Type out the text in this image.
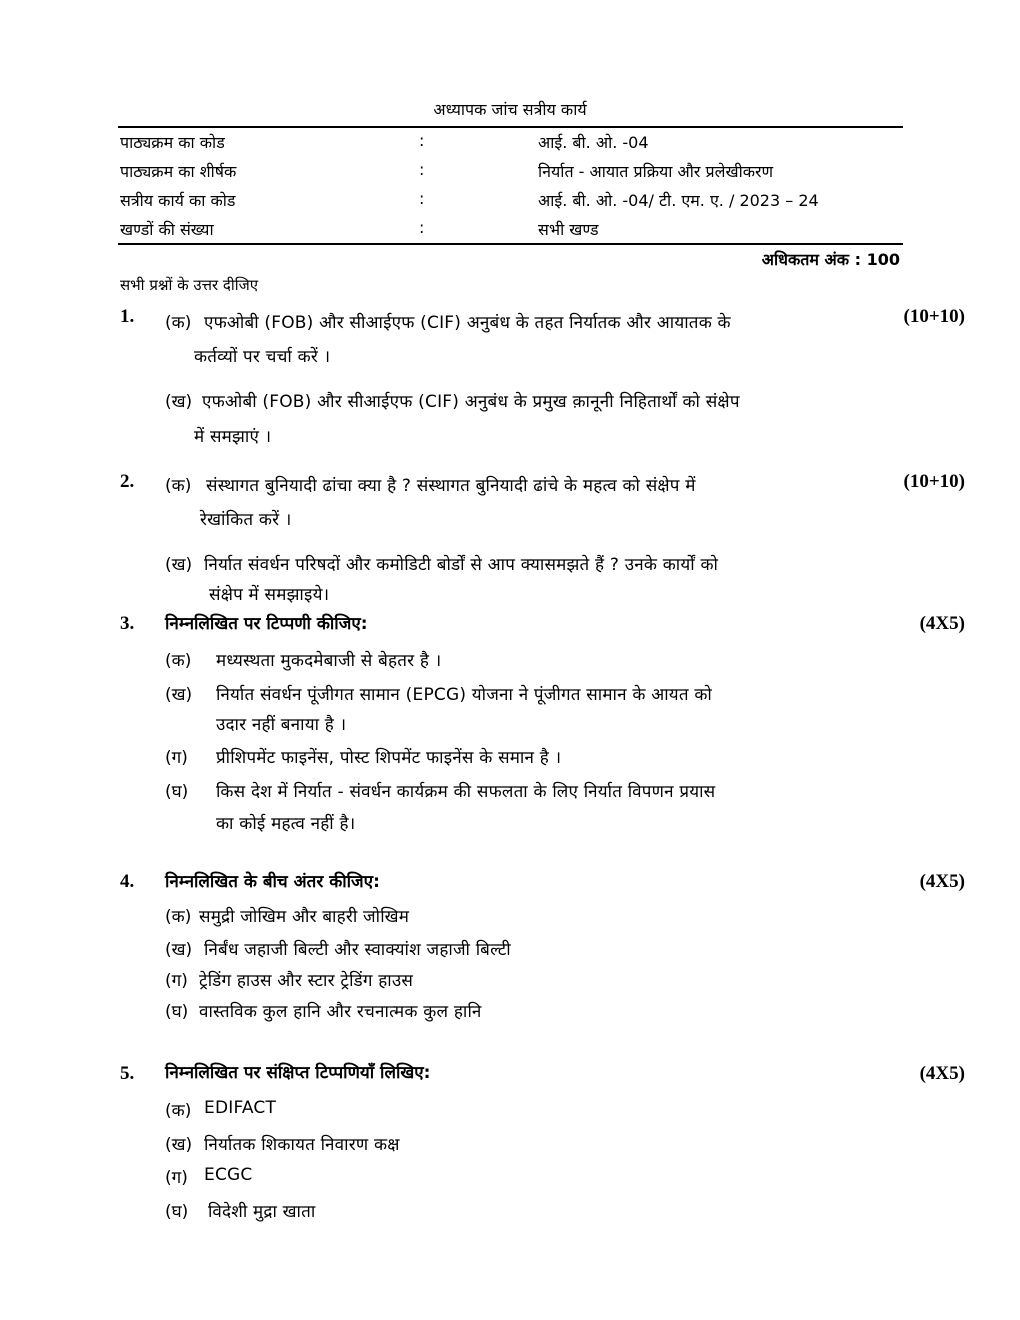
अध्यापक जांच सत्रीय कार्य
पाठ्यक्रम का कोड	:	आई. बी. ओ. -04
पाठ्यक्रम का शीर्षक	:	निर्यात - आयात प्रक्रिया और प्रलेखीकरण
सत्रीय कार्य का कोड	:	आई. बी. ओ. -04/ टी. एम. ए. / 2023 – 24
खण्डों की संख्या	:	सभी खण्ड
अधिकतम अंक : 100
सभी प्रश्नों के उत्तर दीजिए
1.	(10+10)
(क) एफओबी (FOB) और सीआईएफ (CIF) अनुबंध के तहत निर्यातक और आयातक के
कर्तव्यों पर चर्चा करें ।
(ख) एफओबी (FOB) और सीआईएफ (CIF) अनुबंध के प्रमुख क़ानूनी निहितार्थों को संक्षेप
में समझाएं ।
2.	(10+10)
(क) संस्थागत बुनियादी ढांचा क्या है ? संस्थागत बुनियादी ढांचे के महत्व को संक्षेप में
रेखांकित करें ।
(ख) निर्यात संवर्धन परिषदों और कमोडिटी बोर्डों से आप क्यासमझते हैं ? उनके कार्यों को
संक्षेप में समझाइये।
3. निम्नलिखित पर टिप्पणी कीजिए:	(4X5)
(क) मध्यस्थता मुकदमेबाजी से बेहतर है ।
(ख) निर्यात संवर्धन पूंजीगत सामान (EPCG) योजना ने पूंजीगत सामान के आयत को
उदार नहीं बनाया है ।
(ग) प्रीशिपमेंट फाइनेंस, पोस्ट शिपमेंट फाइनेंस के समान है ।
(घ) किस देश में निर्यात - संवर्धन कार्यक्रम की सफलता के लिए निर्यात विपणन प्रयास
का कोई महत्व नहीं है।
4. निम्नलिखित के बीच अंतर कीजिए:	(4X5)
(क) समुद्री जोखिम और बाहरी जोखिम
(ख) निर्बंध जहाजी बिल्टी और स्वाक्यांश जहाजी बिल्टी
(ग) ट्रेडिंग हाउस और स्टार ट्रेडिंग हाउस
(घ) वास्तविक कुल हानि और रचनात्मक कुल हानि
5. निम्नलिखित पर संक्षिप्त टिप्पणियाँ लिखिए:	(4X5)
(क) EDIFACT
(ख) निर्यातक शिकायत निवारण कक्ष
(ग) ECGC
(घ) विदेशी मुद्रा खाता
